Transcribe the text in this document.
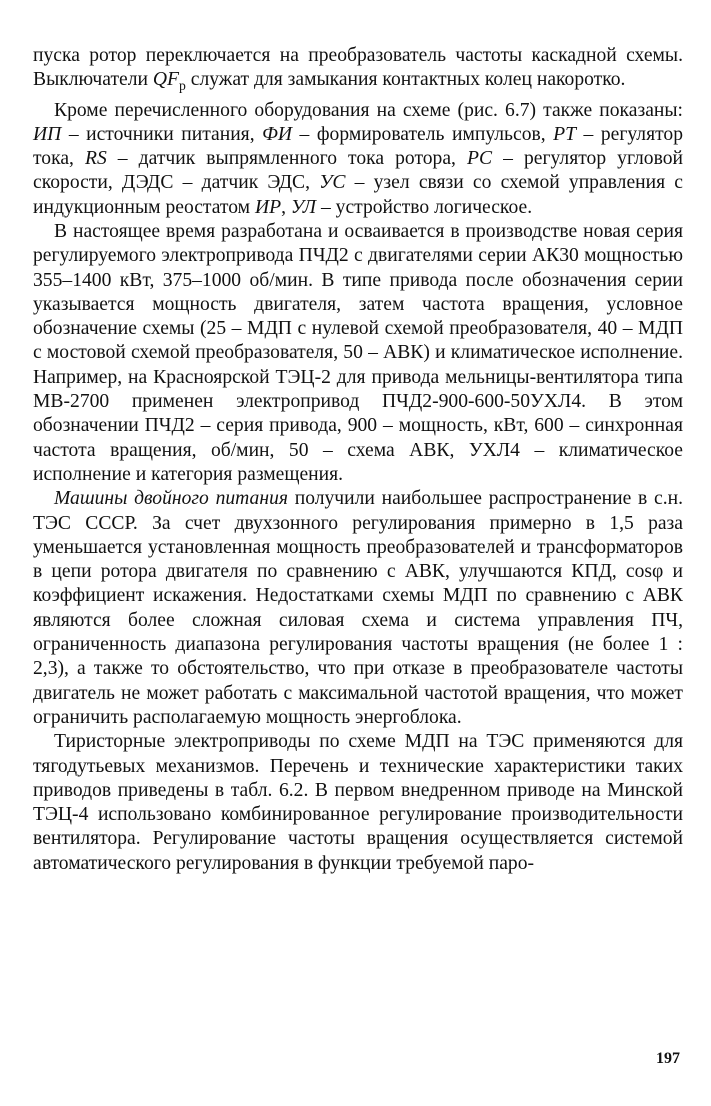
пуска ротор переключается на преобразователь частоты каскадной схемы. Выключатели $QF_р$ служат для замыкания контактных колец накоротко.

Кроме перечисленного оборудования на схеме (рис. 6.7) также показаны: ИП – источники питания, ФИ – формирователь импульсов, РТ – регулятор тока, RS – датчик выпрямленного тока ротора, РС – регулятор угловой скорости, ДЭДС – датчик ЭДС, УС – узел связи со схемой управления с индукционным реостатом ИР, УЛ – устройство логическое.

В настоящее время разработана и осваивается в производстве новая серия регулируемого электропривода ПЧД2 с двигателями серии АК30 мощностью 355–1400 кВт, 375–1000 об/мин. В типе привода после обозначения серии указывается мощность двигателя, затем частота вращения, условное обозначение схемы (25 – МДП с нулевой схемой преобразователя, 40 – МДП с мостовой схемой преобразователя, 50 – АВК) и климатическое исполнение. Например, на Красноярской ТЭЦ-2 для привода мельницы-вентилятора типа МВ-2700 применен электропривод ПЧД2-900-600-50УХЛ4. В этом обозначении ПЧД2 – серия привода, 900 – мощность, кВт, 600 – синхронная частота вращения, об/мин, 50 – схема АВК, УХЛ4 – климатическое исполнение и категория размещения.

Машины двойного питания получили наибольшее распространение в с.н. ТЭС СССР. За счет двухзонного регулирования примерно в 1,5 раза уменьшается установленная мощность преобразователей и трансформаторов в цепи ротора двигателя по сравнению с АВК, улучшаются КПД, cosφ и коэффициент искажения. Недостатками схемы МДП по сравнению с АВК являются более сложная силовая схема и система управления ПЧ, ограниченность диапазона регулирования частоты вращения (не более 1 : 2,3), а также то обстоятельство, что при отказе в преобразователе частоты двигатель не может работать с максимальной частотой вращения, что может ограничить располагаемую мощность энергоблока.

Тиристорные электроприводы по схеме МДП на ТЭС применяются для тягодутьевых механизмов. Перечень и технические характеристики таких приводов приведены в табл. 6.2. В первом внедренном приводе на Минской ТЭЦ-4 использовано комбинированное регулирование производительности вентилятора. Регулирование частоты вращения осуществляется системой автоматического регулирования в функции требуемой паро-

197
